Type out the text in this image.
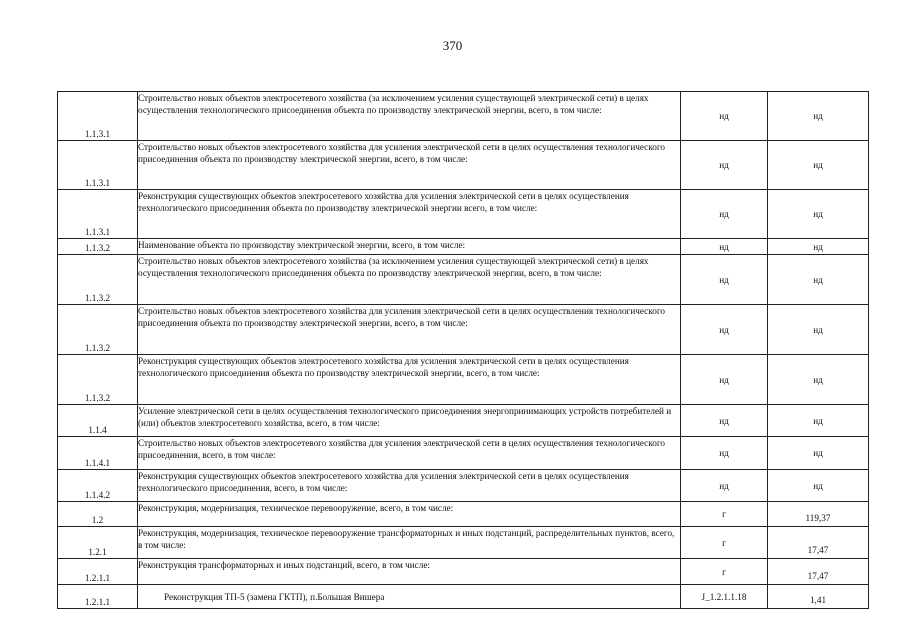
370
1.1.3.1	Строительство новых объектов электросетевого хозяйства (за исключением усиления существующей электрической сети) в целях осуществления технологического присоединения объекта по производству электрической энергии, всего, в том числе:	нд	нд
1.1.3.1	Строительство новых объектов электросетевого хозяйства для усиления электрической сети в целях осуществления технологического присоединения объекта по производству электрической энергии, всего, в том числе:	нд	нд
1.1.3.1	Реконструкция существующих объектов электросетевого хозяйства для усиления электрической сети в целях осуществления технологического присоединения объекта по производству электрической энергии всего, в том числе:	нд	нд
1.1.3.2	Наименование объекта по производству электрической энергии, всего, в том числе:	нд	нд
1.1.3.2	Строительство новых объектов электросетевого хозяйства (за исключением усиления существующей электрической сети) в целях осуществления технологического присоединения объекта по производству электрической энергии, всего, в том числе:	нд	нд
1.1.3.2	Строительство новых объектов электросетевого хозяйства для усиления электрической сети в целях осуществления технологического присоединения объекта по производству электрической энергии, всего, в том числе:	нд	нд
1.1.3.2	Реконструкция существующих объектов электросетевого хозяйства для усиления электрической сети в целях осуществления технологического присоединения объекта по производству электрической энергии, всего, в том числе:	нд	нд
1.1.4	Усиление электрической сети в целях осуществления технологического присоединения энергопринимающих устройств потребителей и (или) объектов электросетевого хозяйства, всего, в том числе:	нд	нд
1.1.4.1	Строительство новых объектов электросетевого хозяйства для усиления электрической сети в целях осуществления технологического присоединения, всего, в том числе:	нд	нд
1.1.4.2	Реконструкция существующих объектов электросетевого хозяйства для усиления электрической сети в целях осуществления технологического присоединения, всего, в том числе:	нд	нд
1.2	Реконструкция, модернизация, техническое перевооружение, всего, в том числе:	г	119,37
1.2.1	Реконструкция, модернизация, техническое перевооружение трансформаторных и иных подстанций, распределительных пунктов, всего, в том числе:	г	17,47
1.2.1.1	Реконструкция трансформаторных и иных подстанций, всего, в том числе:	г	17,47
1.2.1.1	Реконструкция ТП-5 (замена ГКТП), п.Большая Вишера	J_1.2.1.1.18	1,41
